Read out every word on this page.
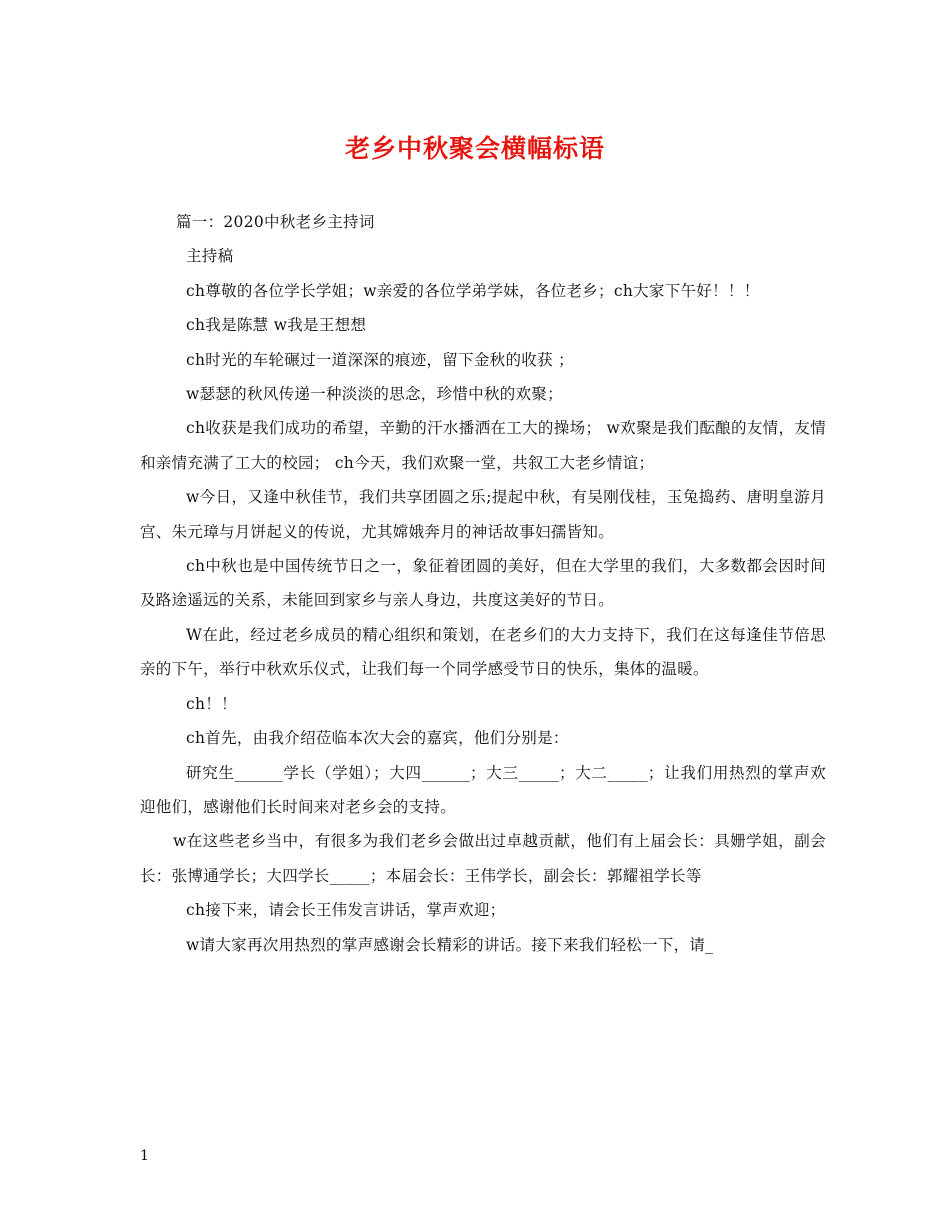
老乡中秋聚会横幅标语

篇一：2020中秋老乡主持词

主持稿

ch尊敬的各位学长学姐；w亲爱的各位学弟学妹，各位老乡；ch大家下午好！！！

ch我是陈慧 w我是王想想

ch时光的车轮碾过一道深深的痕迹，留下金秋的收获 ；

w瑟瑟的秋风传递一种淡淡的思念，珍惜中秋的欢聚；

ch收获是我们成功的希望，辛勤的汗水播洒在工大的操场； w欢聚是我们酝酿的友情，友情和亲情充满了工大的校园； ch今天，我们欢聚一堂，共叙工大老乡情谊；

w今日，又逢中秋佳节，我们共享团圆之乐;提起中秋，有吴刚伐桂，玉兔捣药、唐明皇游月宫、朱元璋与月饼起义的传说，尤其嫦娥奔月的神话故事妇孺皆知。

ch中秋也是中国传统节日之一，象征着团圆的美好，但在大学里的我们，大多数都会因时间及路途遥远的关系，未能回到家乡与亲人身边，共度这美好的节日。

W在此，经过老乡成员的精心组织和策划，在老乡们的大力支持下，我们在这每逢佳节倍思亲的下午，举行中秋欢乐仪式，让我们每一个同学感受节日的快乐，集体的温暖。

ch！！

ch首先，由我介绍莅临本次大会的嘉宾，他们分别是：

研究生______学长（学姐）；大四______；大三_____；大二_____；让我们用热烈的掌声欢迎他们，感谢他们长时间来对老乡会的支持。

w在这些老乡当中，有很多为我们老乡会做出过卓越贡献，他们有上届会长：具姗学姐，副会长：张博通学长；大四学长_____；本届会长：王伟学长，副会长：郭耀祖学长等

ch接下来，请会长王伟发言讲话，掌声欢迎；

w请大家再次用热烈的掌声感谢会长精彩的讲话。接下来我们轻松一下，请_

1
